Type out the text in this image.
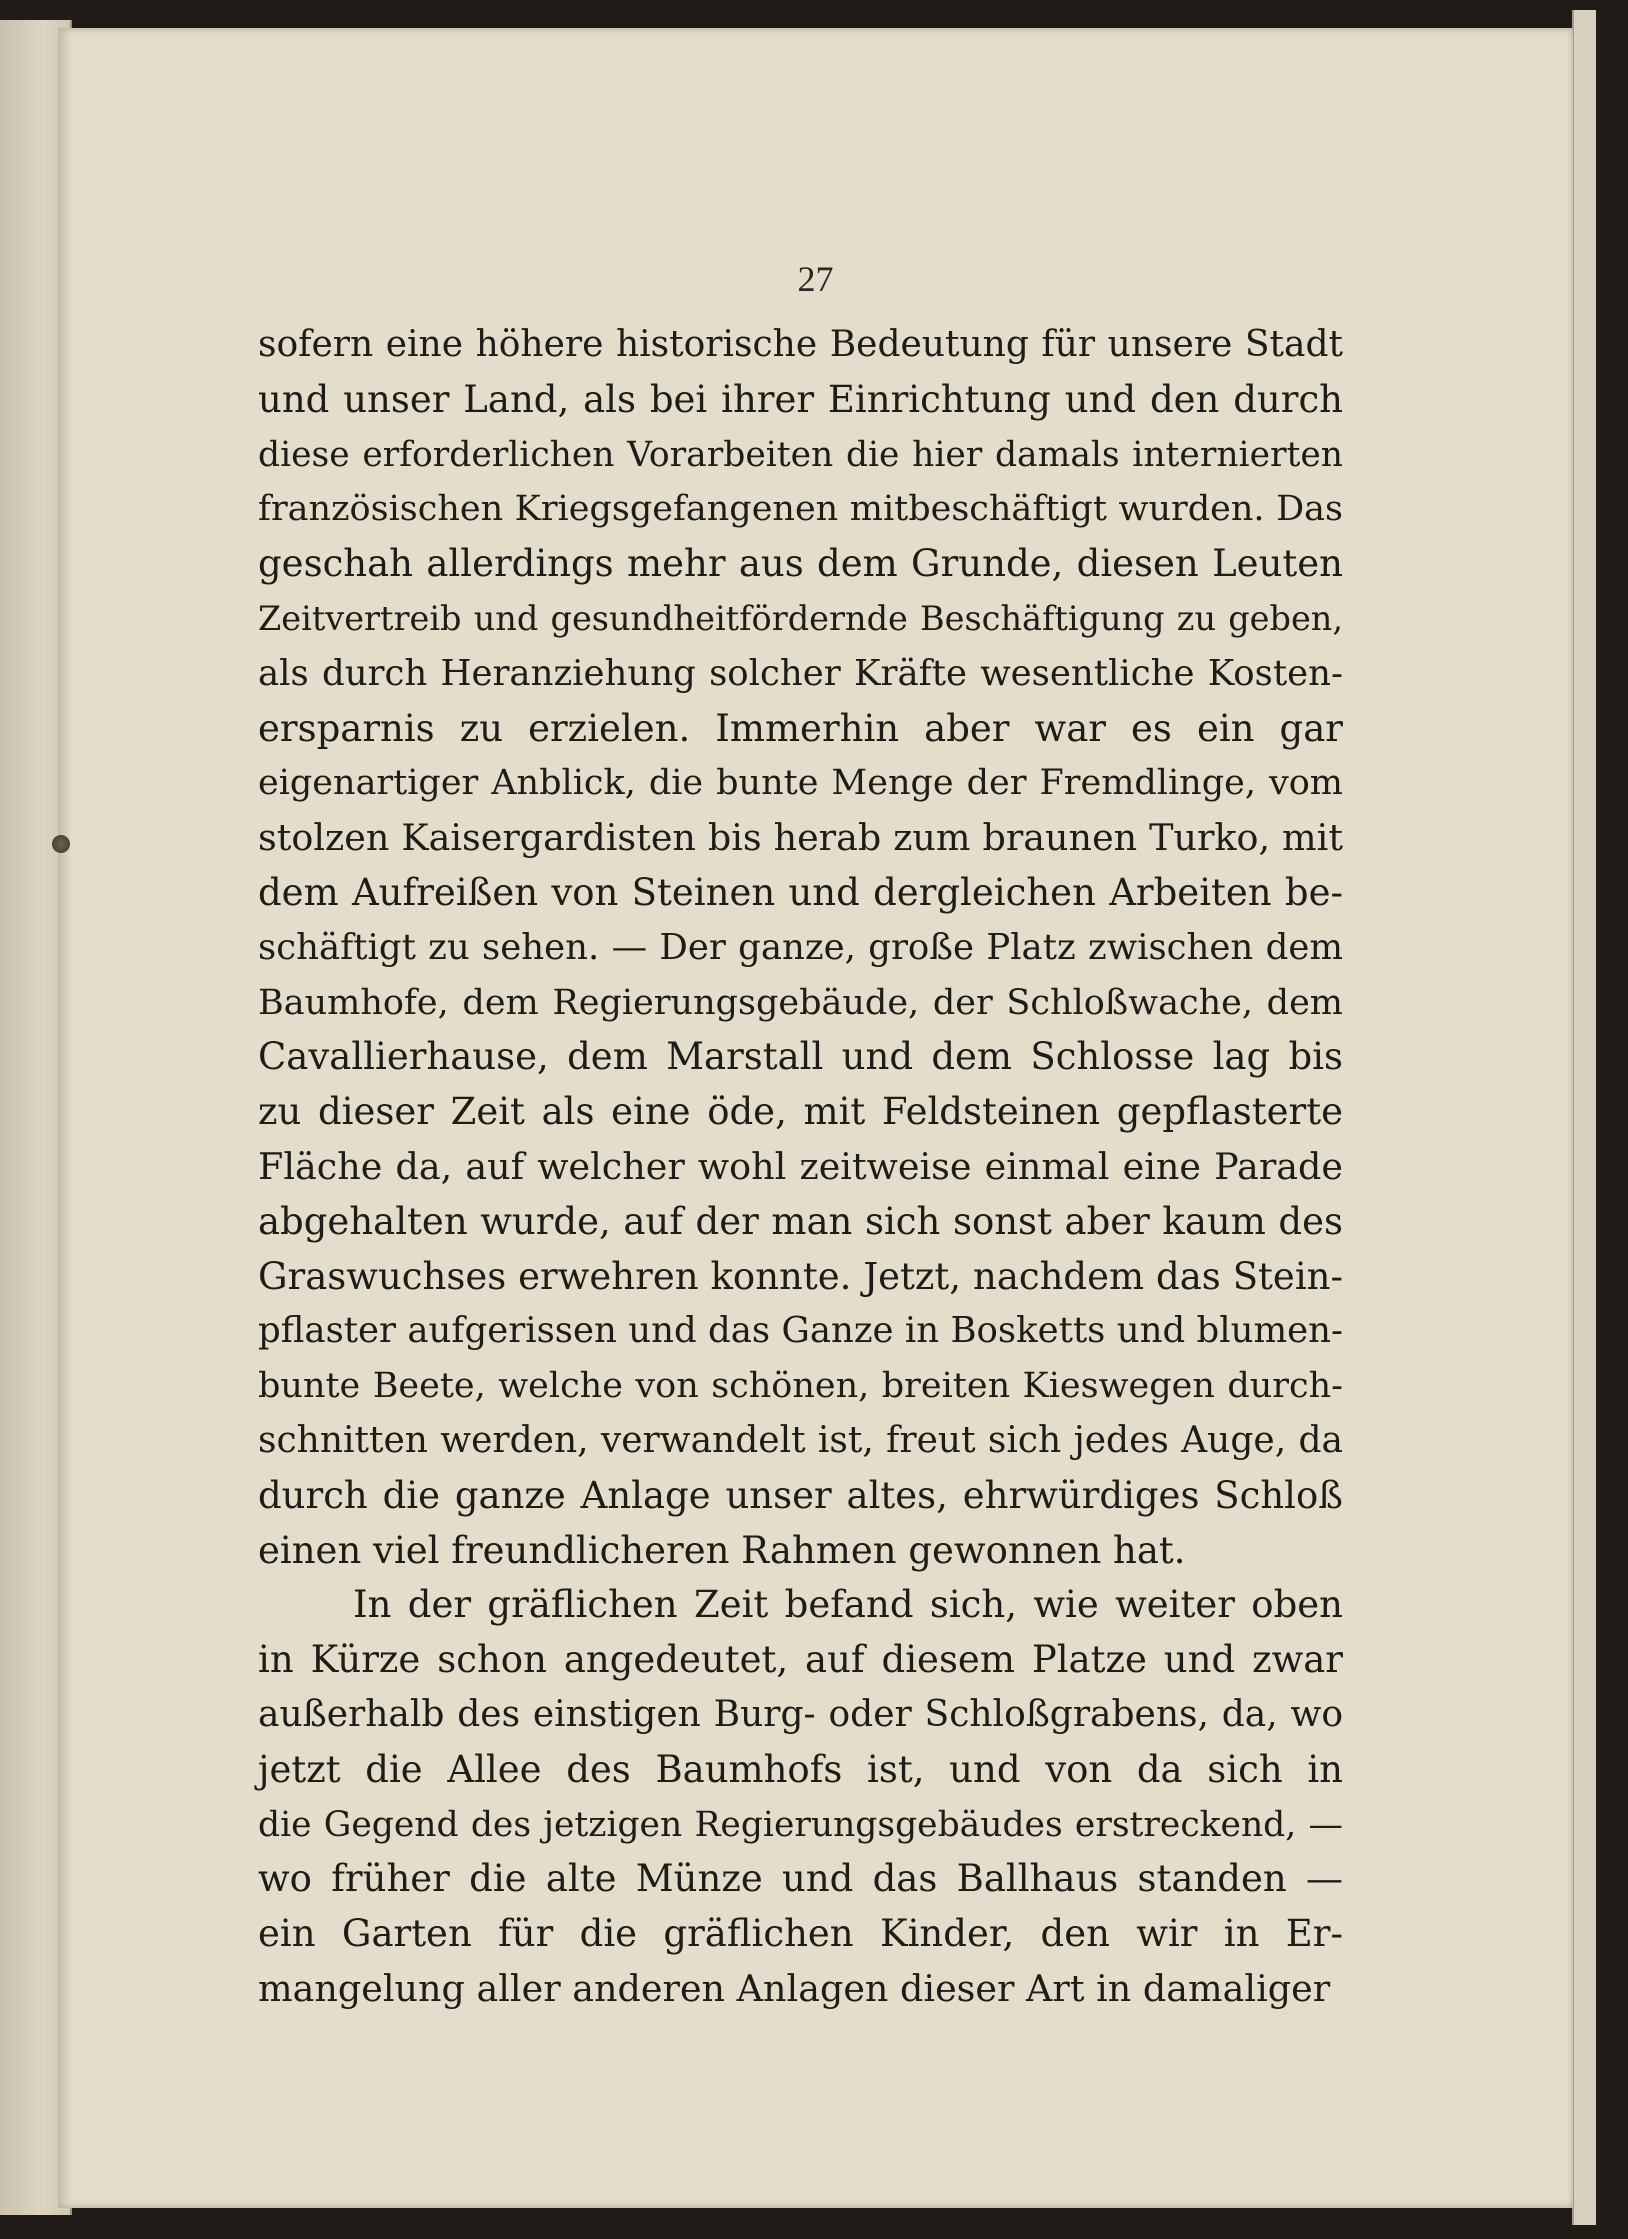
27
sofern eine höhere historische Bedeutung für unsere Stadt
und unser Land, als bei ihrer Einrichtung und den durch
diese erforderlichen Vorarbeiten die hier damals internierten
französischen Kriegsgefangenen mitbeschäftigt wurden. Das
geschah allerdings mehr aus dem Grunde, diesen Leuten
Zeitvertreib und gesundheitfördernde Beschäftigung zu geben,
als durch Heranziehung solcher Kräfte wesentliche Kosten-
ersparnis zu erzielen. Immerhin aber war es ein gar
eigenartiger Anblick, die bunte Menge der Fremdlinge, vom
stolzen Kaisergardisten bis herab zum braunen Turko, mit
dem Aufreißen von Steinen und dergleichen Arbeiten be-
schäftigt zu sehen. — Der ganze, große Platz zwischen dem
Baumhofe, dem Regierungsgebäude, der Schloßwache, dem
Cavallierhause, dem Marstall und dem Schlosse lag bis
zu dieser Zeit als eine öde, mit Feldsteinen gepflasterte
Fläche da, auf welcher wohl zeitweise einmal eine Parade
abgehalten wurde, auf der man sich sonst aber kaum des
Graswuchses erwehren konnte. Jetzt, nachdem das Stein-
pflaster aufgerissen und das Ganze in Bosketts und blumen-
bunte Beete, welche von schönen, breiten Kieswegen durch-
schnitten werden, verwandelt ist, freut sich jedes Auge, da
durch die ganze Anlage unser altes, ehrwürdiges Schloß
einen viel freundlicheren Rahmen gewonnen hat.
In der gräflichen Zeit befand sich, wie weiter oben
in Kürze schon angedeutet, auf diesem Platze und zwar
außerhalb des einstigen Burg- oder Schloßgrabens, da, wo
jetzt die Allee des Baumhofs ist, und von da sich in
die Gegend des jetzigen Regierungsgebäudes erstreckend, —
wo früher die alte Münze und das Ballhaus standen —
ein Garten für die gräflichen Kinder, den wir in Er-
mangelung aller anderen Anlagen dieser Art in damaliger
